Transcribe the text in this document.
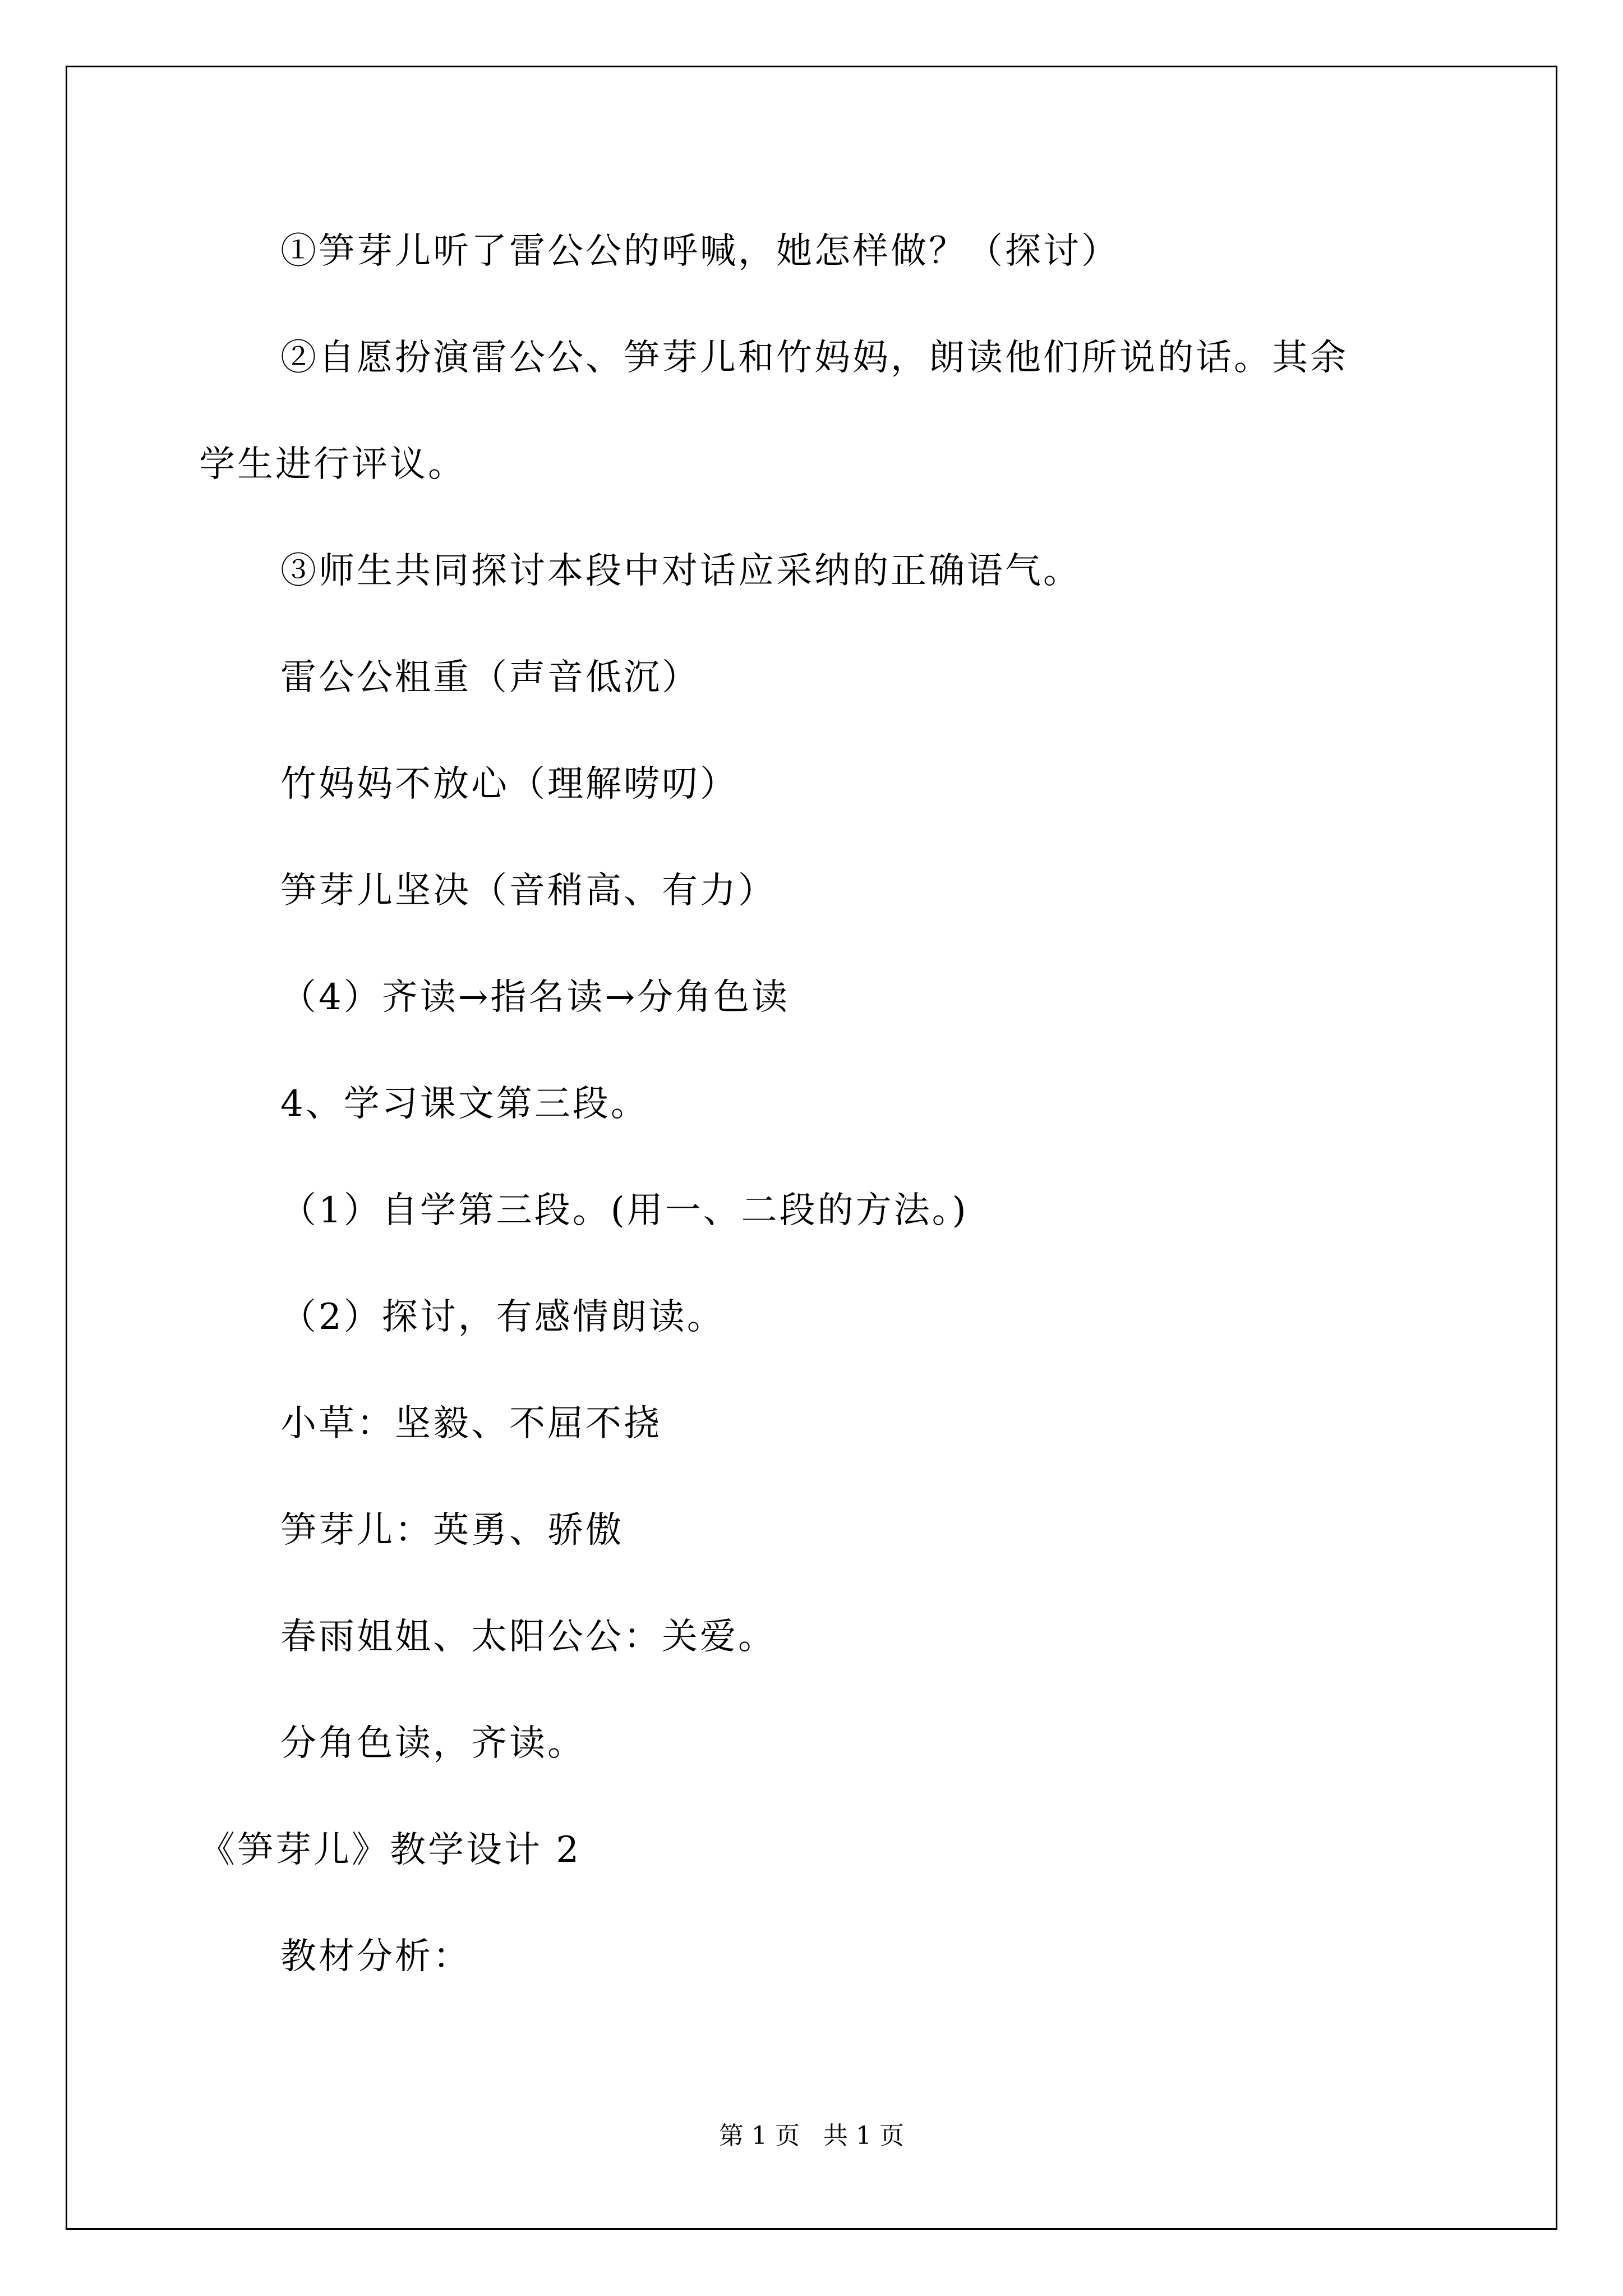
①笋芽儿听了雷公公的呼喊，她怎样做？（探讨）
②自愿扮演雷公公、笋芽儿和竹妈妈，朗读他们所说的话。其余
学生进行评议。
③师生共同探讨本段中对话应采纳的正确语气。
雷公公粗重（声音低沉）
竹妈妈不放心（理解唠叨）
笋芽儿坚决（音稍高、有力）
（4）齐读→指名读→分角色读
4、学习课文第三段。
（1）自学第三段。(用一、二段的方法。)
（2）探讨，有感情朗读。
小草：坚毅、不屈不挠
笋芽儿：英勇、骄傲
春雨姐姐、太阳公公：关爱。
分角色读，齐读。
《笋芽儿》教学设计 2
教材分析：
第 1 页   共 1 页
